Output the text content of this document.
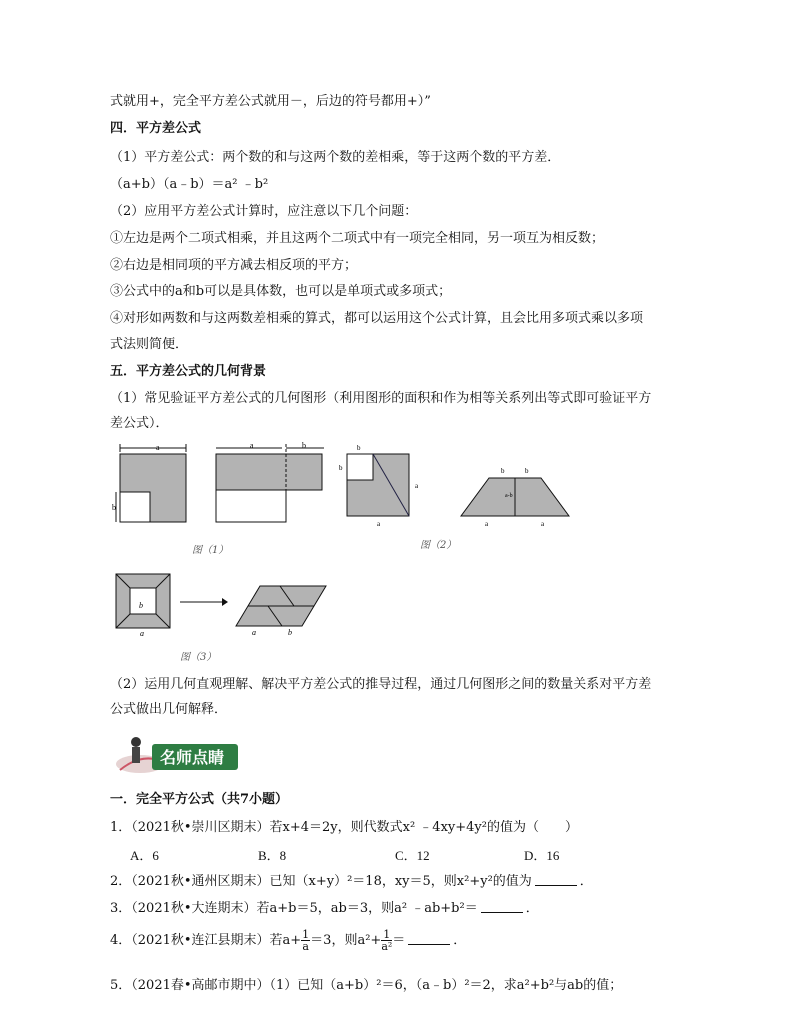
式就用+，完全平方差公式就用－，后边的符号都用+）”
四．平方差公式
（1）平方差公式：两个数的和与这两个数的差相乘，等于这两个数的平方差．
（a+b）（a﹣b）＝a² ﹣b²
（2）应用平方差公式计算时，应注意以下几个问题：
①左边是两个二项式相乘，并且这两个二项式中有一项完全相同，另一项互为相反数；
②右边是相同项的平方减去相反项的平方；
③公式中的a和b可以是具体数，也可以是单项式或多项式；
④对形如两数和与这两数差相乘的算式，都可以运用这个公式计算，且会比用多项式乘以多项
式法则简便．
五．平方差公式的几何背景
（1）常见验证平方差公式的几何图形（利用图形的面积和作为相等关系列出等式即可验证平方
差公式）．
a
b
a	b
图（1）
b
b
a
a
b	b
a-b
a	a
图（2）
b
a	a	b
图（3）
（2）运用几何直观理解、解决平方差公式的推导过程，通过几何图形之间的数量关系对平方差
公式做出几何解释．
名师点睛
一．完全平方公式（共7小题）
1．（2021秋•崇川区期末）若x+4＝2y，则代数式x² ﹣4xy+4y²的值为（　　）
A．6	B．8	C．12	D．16
2．（2021秋•通州区期末）已知（x+y）²＝18，xy＝5，则x²+y²的值为	．
3．（2021秋•大连期末）若a+b＝5，ab＝3，则a² ﹣ab+b²＝	．
4．（2021秋•连江县期末）若$a+ \frac{1}{a} =3$，则$a^2+ \frac{1}{\text{a²}}$ ＝	．
5．（2021春•高邮市期中）（1）已知（a+b）²＝6，（a﹣b）²＝2，求a²+b²与ab的值；
